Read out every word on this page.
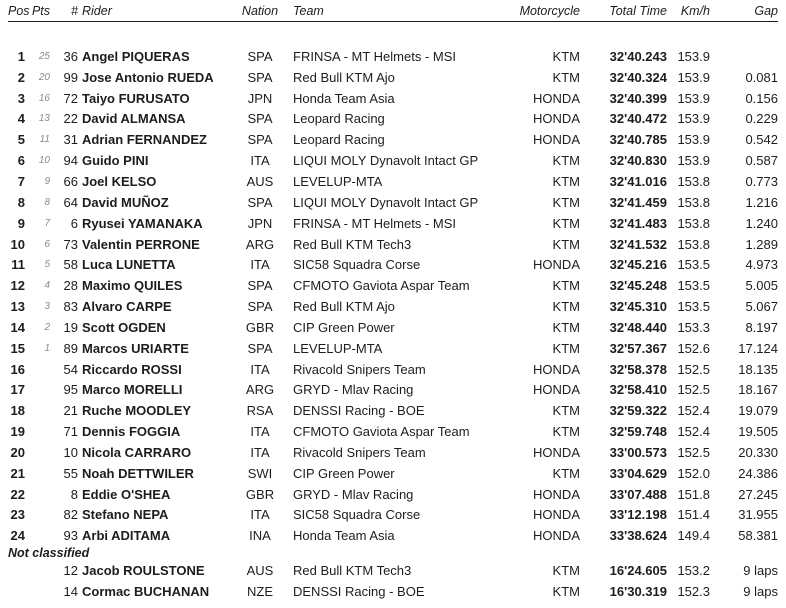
Pos Pts	# Rider	Nation	Team	Motorcycle	Total Time	Km/h	Gap
1	25	36 Angel PIQUERAS	SPA	FRINSA - MT Helmets - MSI	KTM	32'40.243 153.9
2	20	99 Jose Antonio RUEDA	SPA	Red Bull KTM Ajo	KTM	32'40.324 153.9	0.081
3	16	72 Taiyo FURUSATO	JPN	Honda Team Asia	HONDA	32'40.399 153.9	0.156
4	13	22 David ALMANSA	SPA	Leopard Racing	HONDA	32'40.472 153.9	0.229
5	11	31 Adrian FERNANDEZ	SPA	Leopard Racing	HONDA	32'40.785 153.9	0.542
6	10	94 Guido PINI	ITA	LIQUI MOLY Dynavolt Intact GP	KTM	32'40.830 153.9	0.587
7	9	66 Joel KELSO	AUS	LEVELUP-MTA	KTM	32'41.016 153.8	0.773
8	8	64 David MUÑOZ	SPA	LIQUI MOLY Dynavolt Intact GP	KTM	32'41.459 153.8	1.216
9	7	6 Ryusei YAMANAKA	JPN	FRINSA - MT Helmets - MSI	KTM	32'41.483 153.8	1.240
10	6	73 Valentin PERRONE	ARG	Red Bull KTM Tech3	KTM	32'41.532 153.8	1.289
11	5	58 Luca LUNETTA	ITA	SIC58 Squadra Corse	HONDA	32'45.216 153.5	4.973
12	4	28 Maximo QUILES	SPA	CFMOTO Gaviota Aspar Team	KTM	32'45.248 153.5	5.005
13	3	83 Alvaro CARPE	SPA	Red Bull KTM Ajo	KTM	32'45.310 153.5	5.067
14	2	19 Scott OGDEN	GBR	CIP Green Power	KTM	32'48.440 153.3	8.197
15	1	89 Marcos URIARTE	SPA	LEVELUP-MTA	KTM	32'57.367 152.6	17.124
16	54 Riccardo ROSSI	ITA	Rivacold Snipers Team	HONDA	32'58.378 152.5	18.135
17	95 Marco MORELLI	ARG	GRYD - Mlav Racing	HONDA	32'58.410 152.5	18.167
18	21 Ruche MOODLEY	RSA	DENSSI Racing - BOE	KTM	32'59.322 152.4	19.079
19	71 Dennis FOGGIA	ITA	CFMOTO Gaviota Aspar Team	KTM	32'59.748 152.4	19.505
20	10 Nicola CARRARO	ITA	Rivacold Snipers Team	HONDA	33'00.573 152.5	20.330
21	55 Noah DETTWILER	SWI	CIP Green Power	KTM	33'04.629 152.0	24.386
22	8 Eddie O'SHEA	GBR	GRYD - Mlav Racing	HONDA	33'07.488 151.8	27.245
23	82 Stefano NEPA	ITA	SIC58 Squadra Corse	HONDA	33'12.198 151.4	31.955
24	93 Arbi ADITAMA	INA	Honda Team Asia	HONDA	33'38.624 149.4	58.381
Not classified
12 Jacob ROULSTONE	AUS	Red Bull KTM Tech3	KTM	16'24.605 153.2	9 laps
14 Cormac BUCHANAN	NZE	DENSSI Racing - BOE	KTM	16'30.319 152.3	9 laps
